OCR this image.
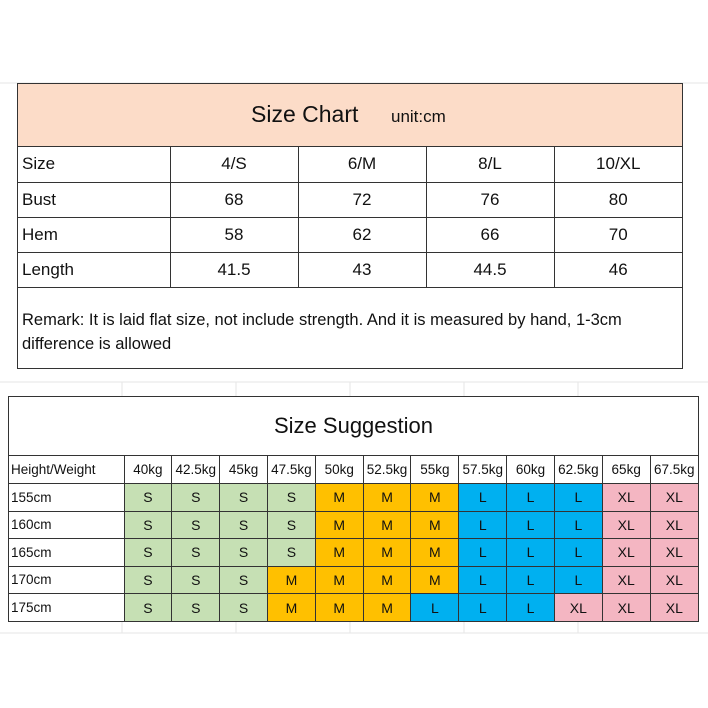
Size Chart unit:cm
Size	4/S	6/M	8/L	10/XL
Bust	68	72	76	80
Hem	58	62	66	70
Length	41.5	43	44.5	46
Remark: It is laid flat size, not include strength. And it is measured by hand, 1-3cm difference is allowed
Size Suggestion
Height/Weight	40kg	42.5kg	45kg	47.5kg	50kg	52.5kg	55kg	57.5kg	60kg	62.5kg	65kg	67.5kg
155cm	S	S	S	S	M	M	M	L	L	L	XL	XL
160cm	S	S	S	S	M	M	M	L	L	L	XL	XL
165cm	S	S	S	S	M	M	M	L	L	L	XL	XL
170cm	S	S	S	M	M	M	M	L	L	L	XL	XL
175cm	S	S	S	M	M	M	L	L	L	XL	XL	XL
